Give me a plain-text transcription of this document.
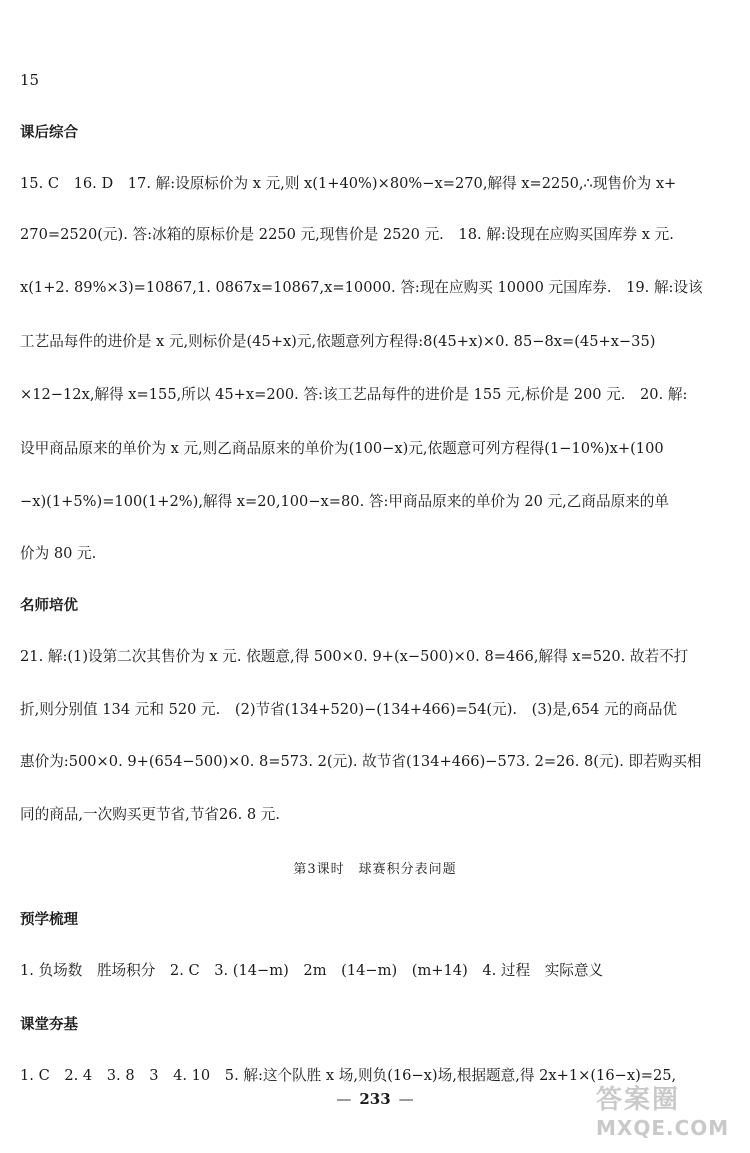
15
课后综合
15. C　16. D　17. 解:设原标价为 x 元,则 x(1+40%)×80%−x=270,解得 x=2250,∴现售价为 x+
270=2520(元). 答:冰箱的原标价是 2250 元,现售价是 2520 元.　18. 解:设现在应购买国库券 x 元.
x(1+2. 89%×3)=10867,1. 0867x=10867,x=10000. 答:现在应购买 10000 元国库券.　19. 解:设该
工艺品每件的进价是 x 元,则标价是(45+x)元,依题意列方程得:8(45+x)×0. 85−8x=(45+x−35)
×12−12x,解得 x=155,所以 45+x=200. 答:该工艺品每件的进价是 155 元,标价是 200 元.　20. 解:
设甲商品原来的单价为 x 元,则乙商品原来的单价为(100−x)元,依题意可列方程得(1−10%)x+(100
−x)(1+5%)=100(1+2%),解得 x=20,100−x=80. 答:甲商品原来的单价为 20 元,乙商品原来的单
价为 80 元.
名师培优
21. 解:(1)设第二次其售价为 x 元. 依题意,得 500×0. 9+(x−500)×0. 8=466,解得 x=520. 故若不打
折,则分别值 134 元和 520 元.　(2)节省(134+520)−(134+466)=54(元).　(3)是,654 元的商品优
惠价为:500×0. 9+(654−500)×0. 8=573. 2(元). 故节省(134+466)−573. 2=26. 8(元). 即若购买相
同的商品,一次购买更节省,节省26. 8 元.
第3课时　球赛积分表问题
预学梳理
1. 负场数　胜场积分　2. C　3. (14−m)　2m　(14−m)　(m+14)　4. 过程　实际意义
课堂夯基
1. C　2. 4　3. 8　3　4. 10　5. 解:这个队胜 x 场,则负(16−x)场,根据题意,得 2x+1×(16−x)=25,
— 233 —	答案圈
MXQE.COM
